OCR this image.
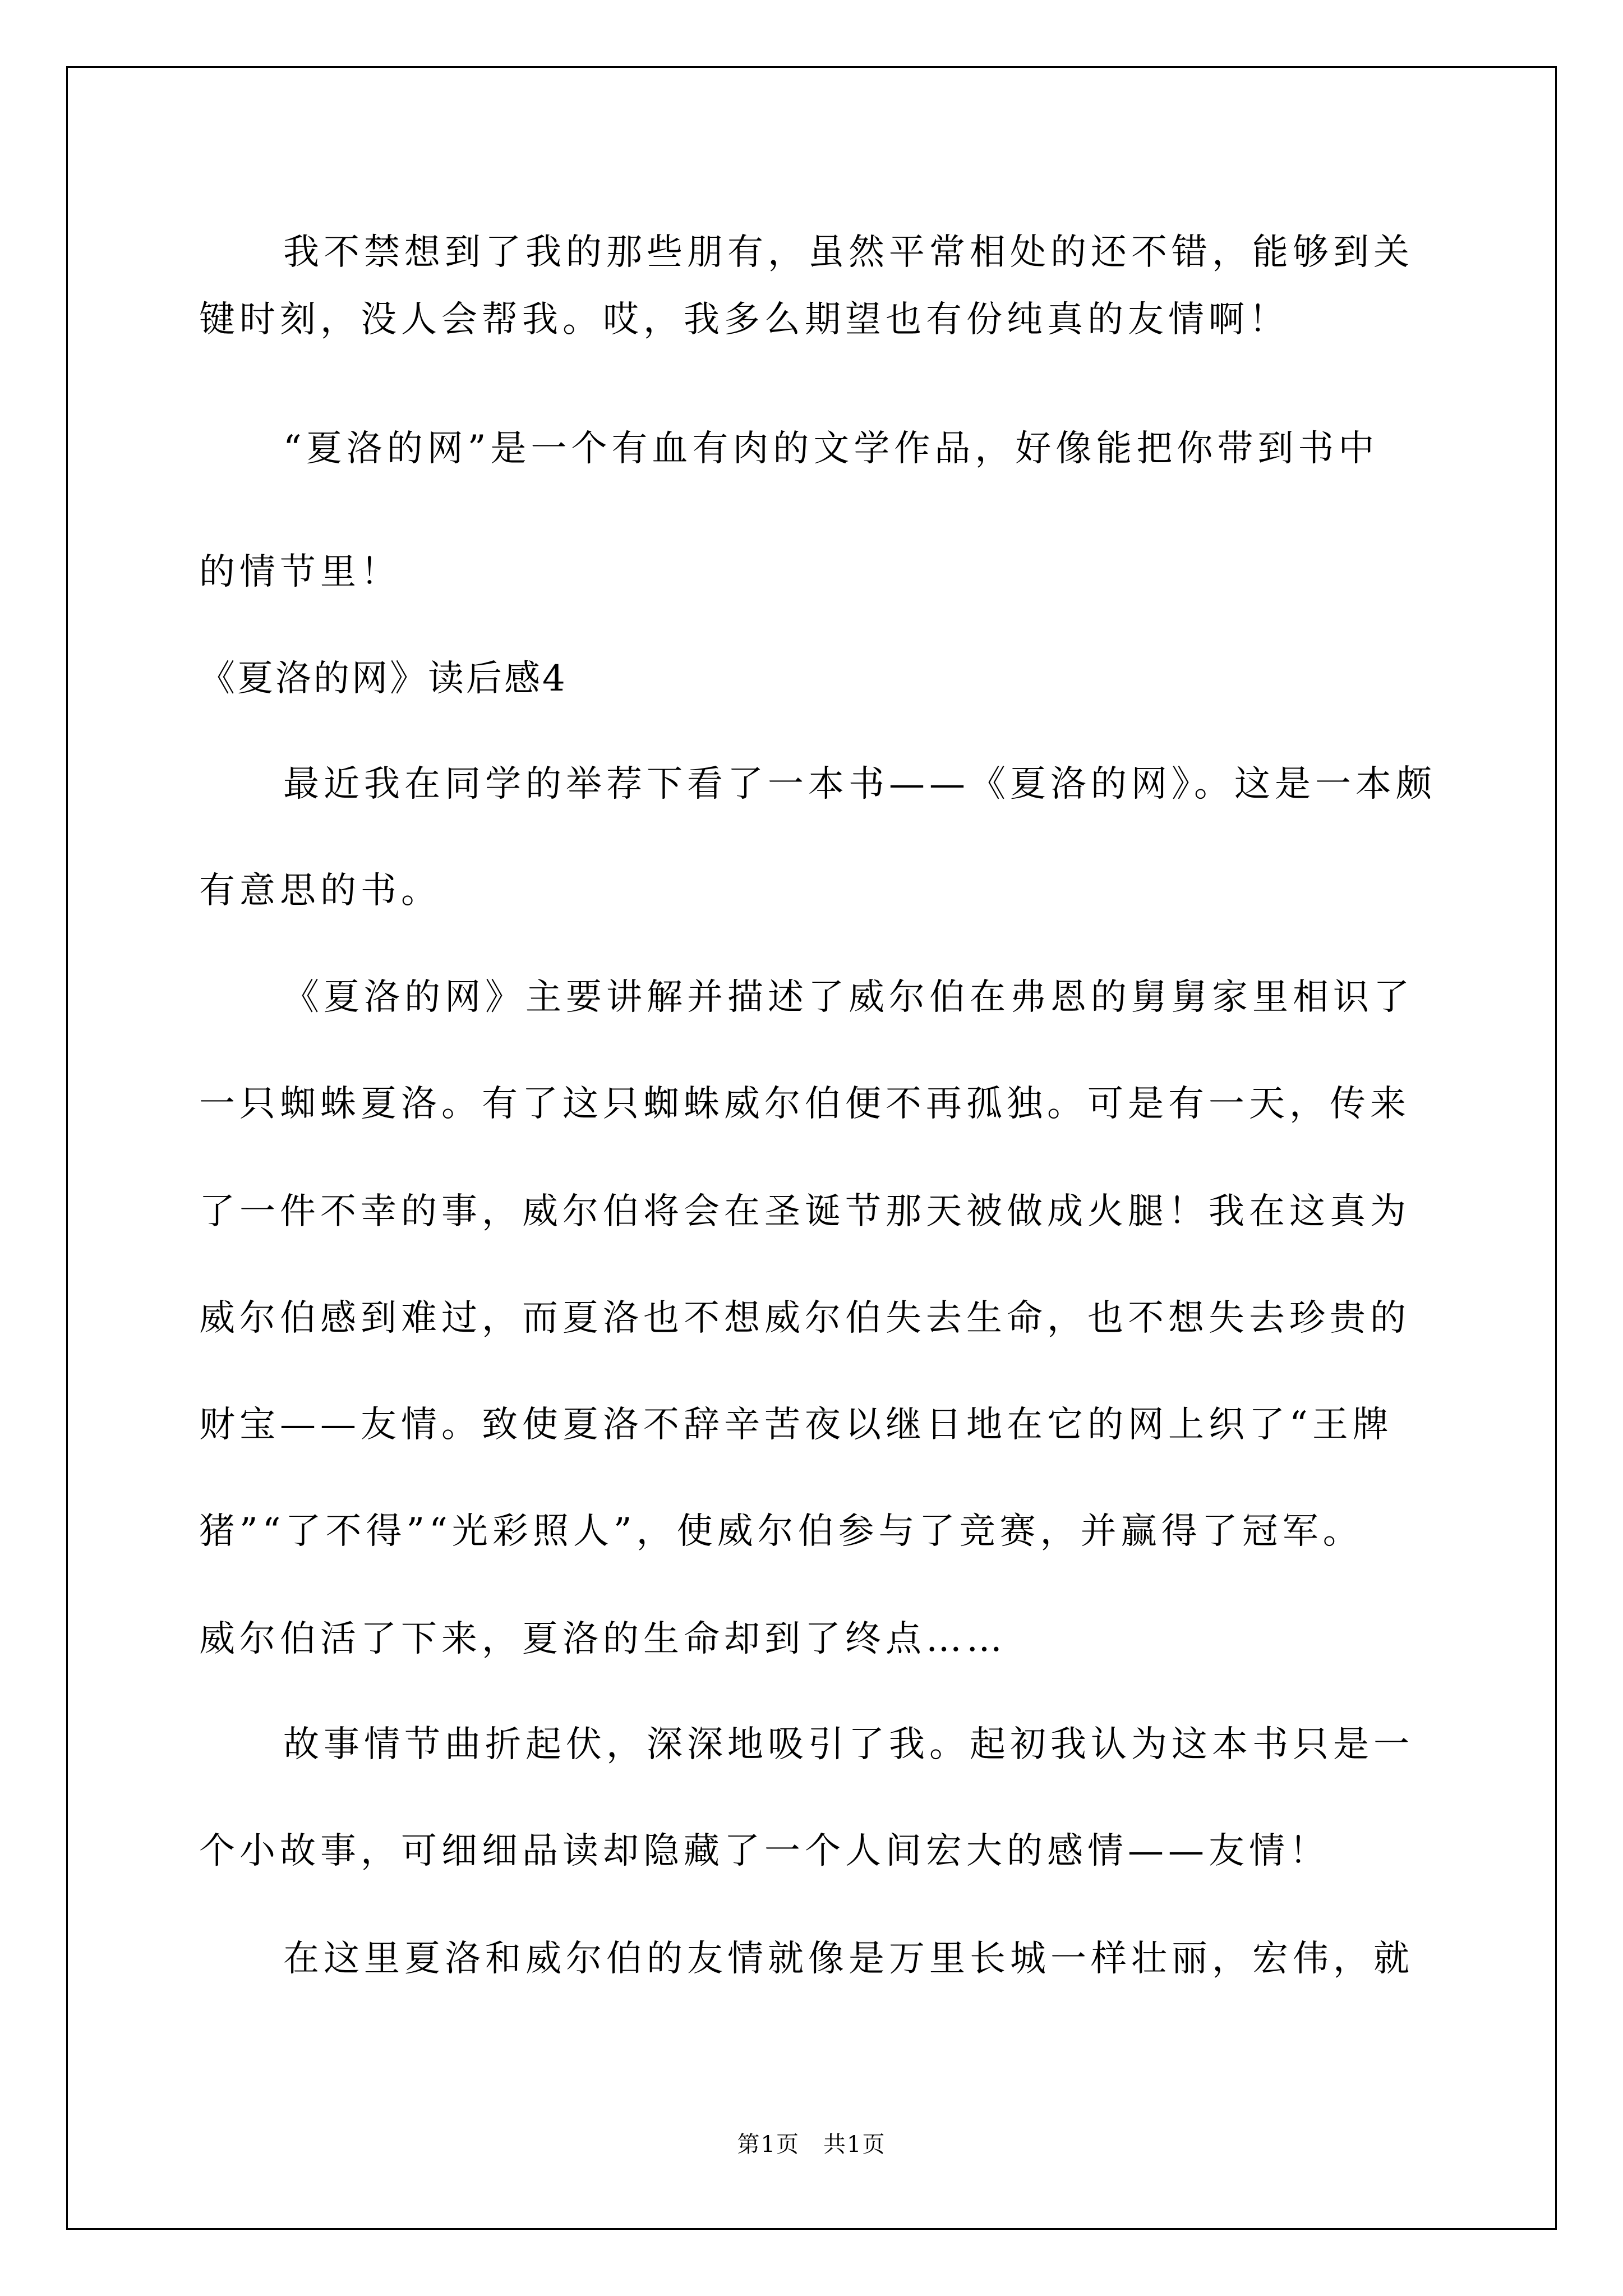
我不禁想到了我的那些朋有，虽然平常相处的还不错，能够到关
键时刻，没人会帮我。哎，我多么期望也有份纯真的友情啊！
“夏洛的网”是一个有血有肉的文学作品，好像能把你带到书中
的情节里！
《夏洛的网》读后感4
最近我在同学的举荐下看了一本书——《夏洛的网》。这是一本颇
有意思的书。
《夏洛的网》主要讲解并描述了威尔伯在弗恩的舅舅家里相识了
一只蜘蛛夏洛。有了这只蜘蛛威尔伯便不再孤独。可是有一天，传来
了一件不幸的事，威尔伯将会在圣诞节那天被做成火腿！我在这真为
威尔伯感到难过，而夏洛也不想威尔伯失去生命，也不想失去珍贵的
财宝——友情。致使夏洛不辞辛苦夜以继日地在它的网上织了“王牌
猪”“了不得”“光彩照人”，使威尔伯参与了竞赛，并赢得了冠军。
威尔伯活了下来，夏洛的生命却到了终点……
故事情节曲折起伏，深深地吸引了我。起初我认为这本书只是一
个小故事，可细细品读却隐藏了一个人间宏大的感情——友情！
在这里夏洛和威尔伯的友情就像是万里长城一样壮丽，宏伟，就
第1页　共1页
